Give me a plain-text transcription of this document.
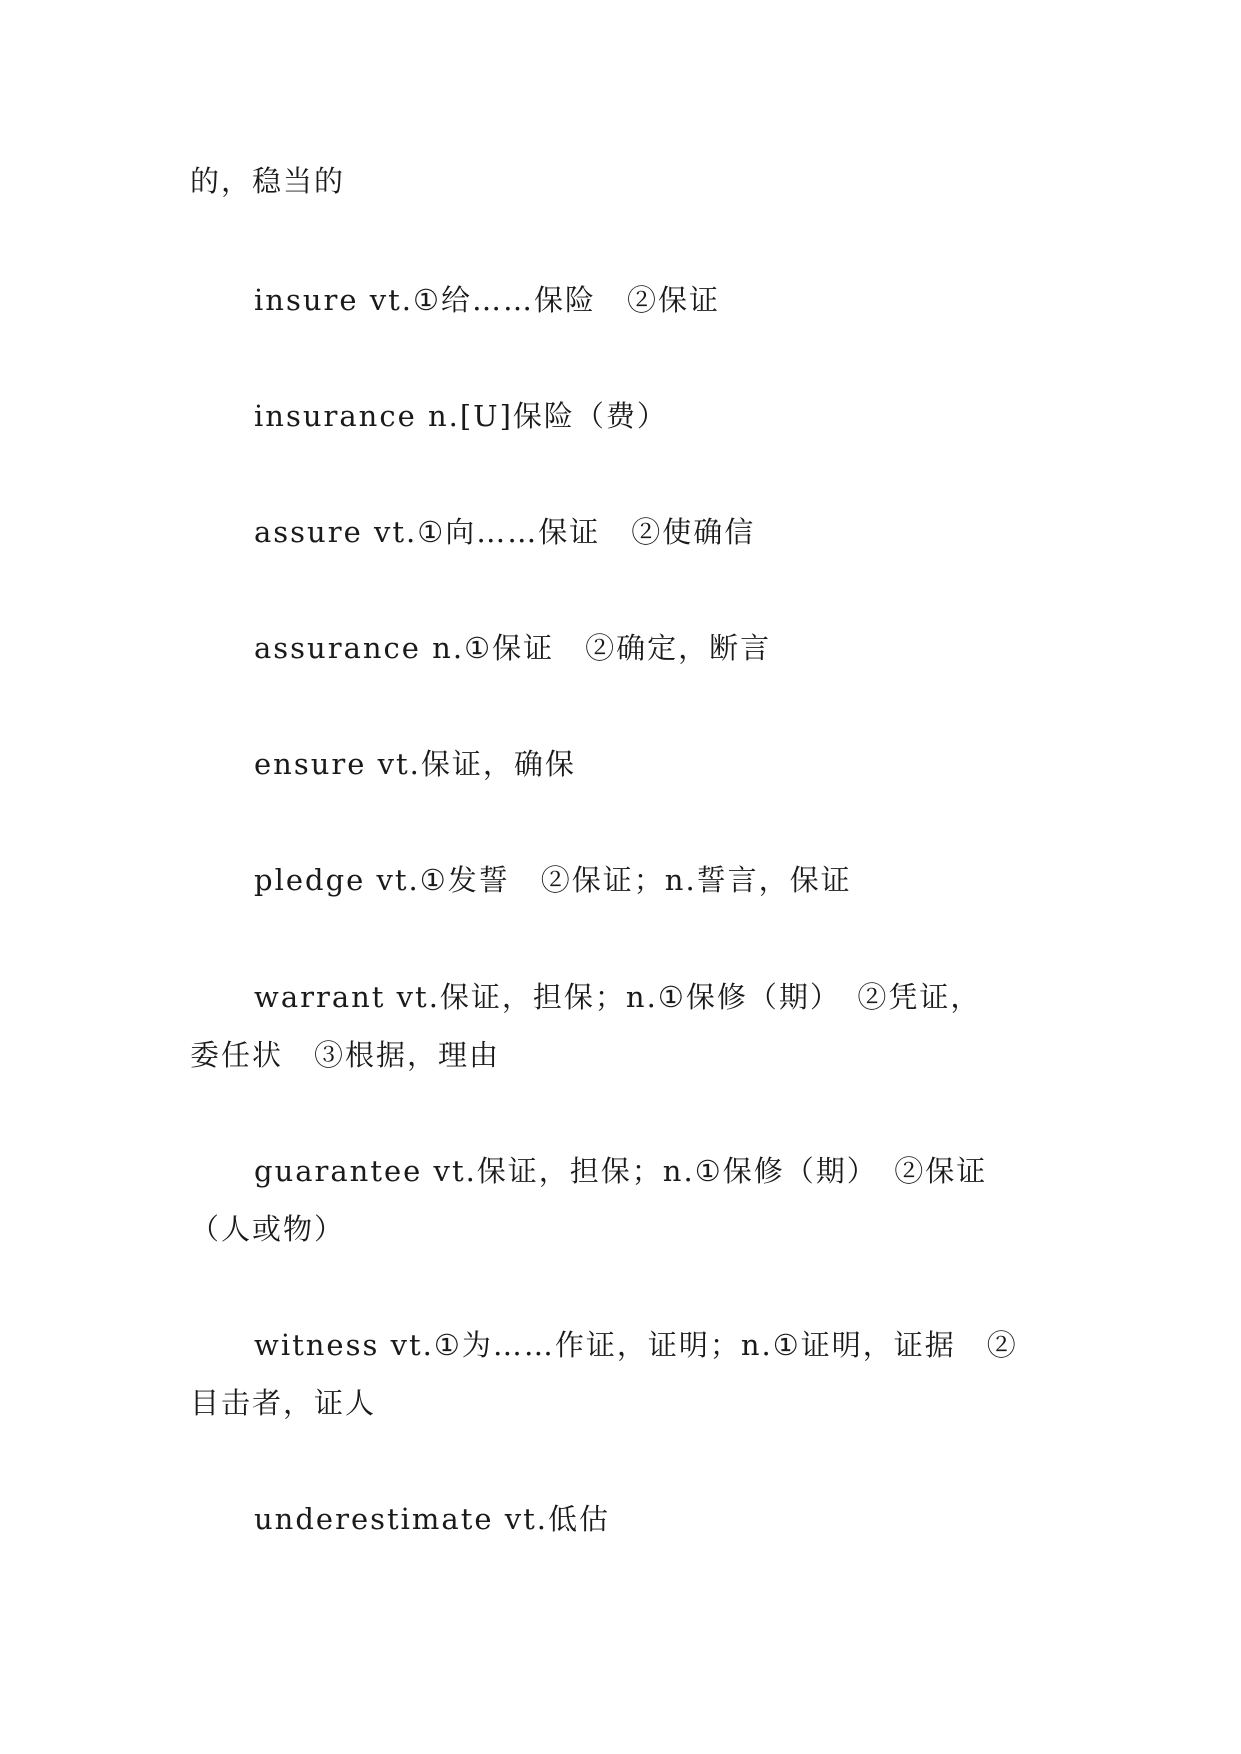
的，稳当的
insure vt.①给……保险　②保证
insurance n.[U]保险（费）
assure vt.①向……保证　②使确信
assurance n.①保证　②确定，断言
ensure vt.保证，确保
pledge vt.①发誓　②保证；n.誓言，保证
warrant vt.保证，担保；n.①保修（期）　②凭证，
委任状　③根据，理由
guarantee vt.保证，担保；n.①保修（期）　②保证
（人或物）
witness vt.①为……作证，证明；n.①证明，证据　②
目击者，证人
underestimate vt.低估
